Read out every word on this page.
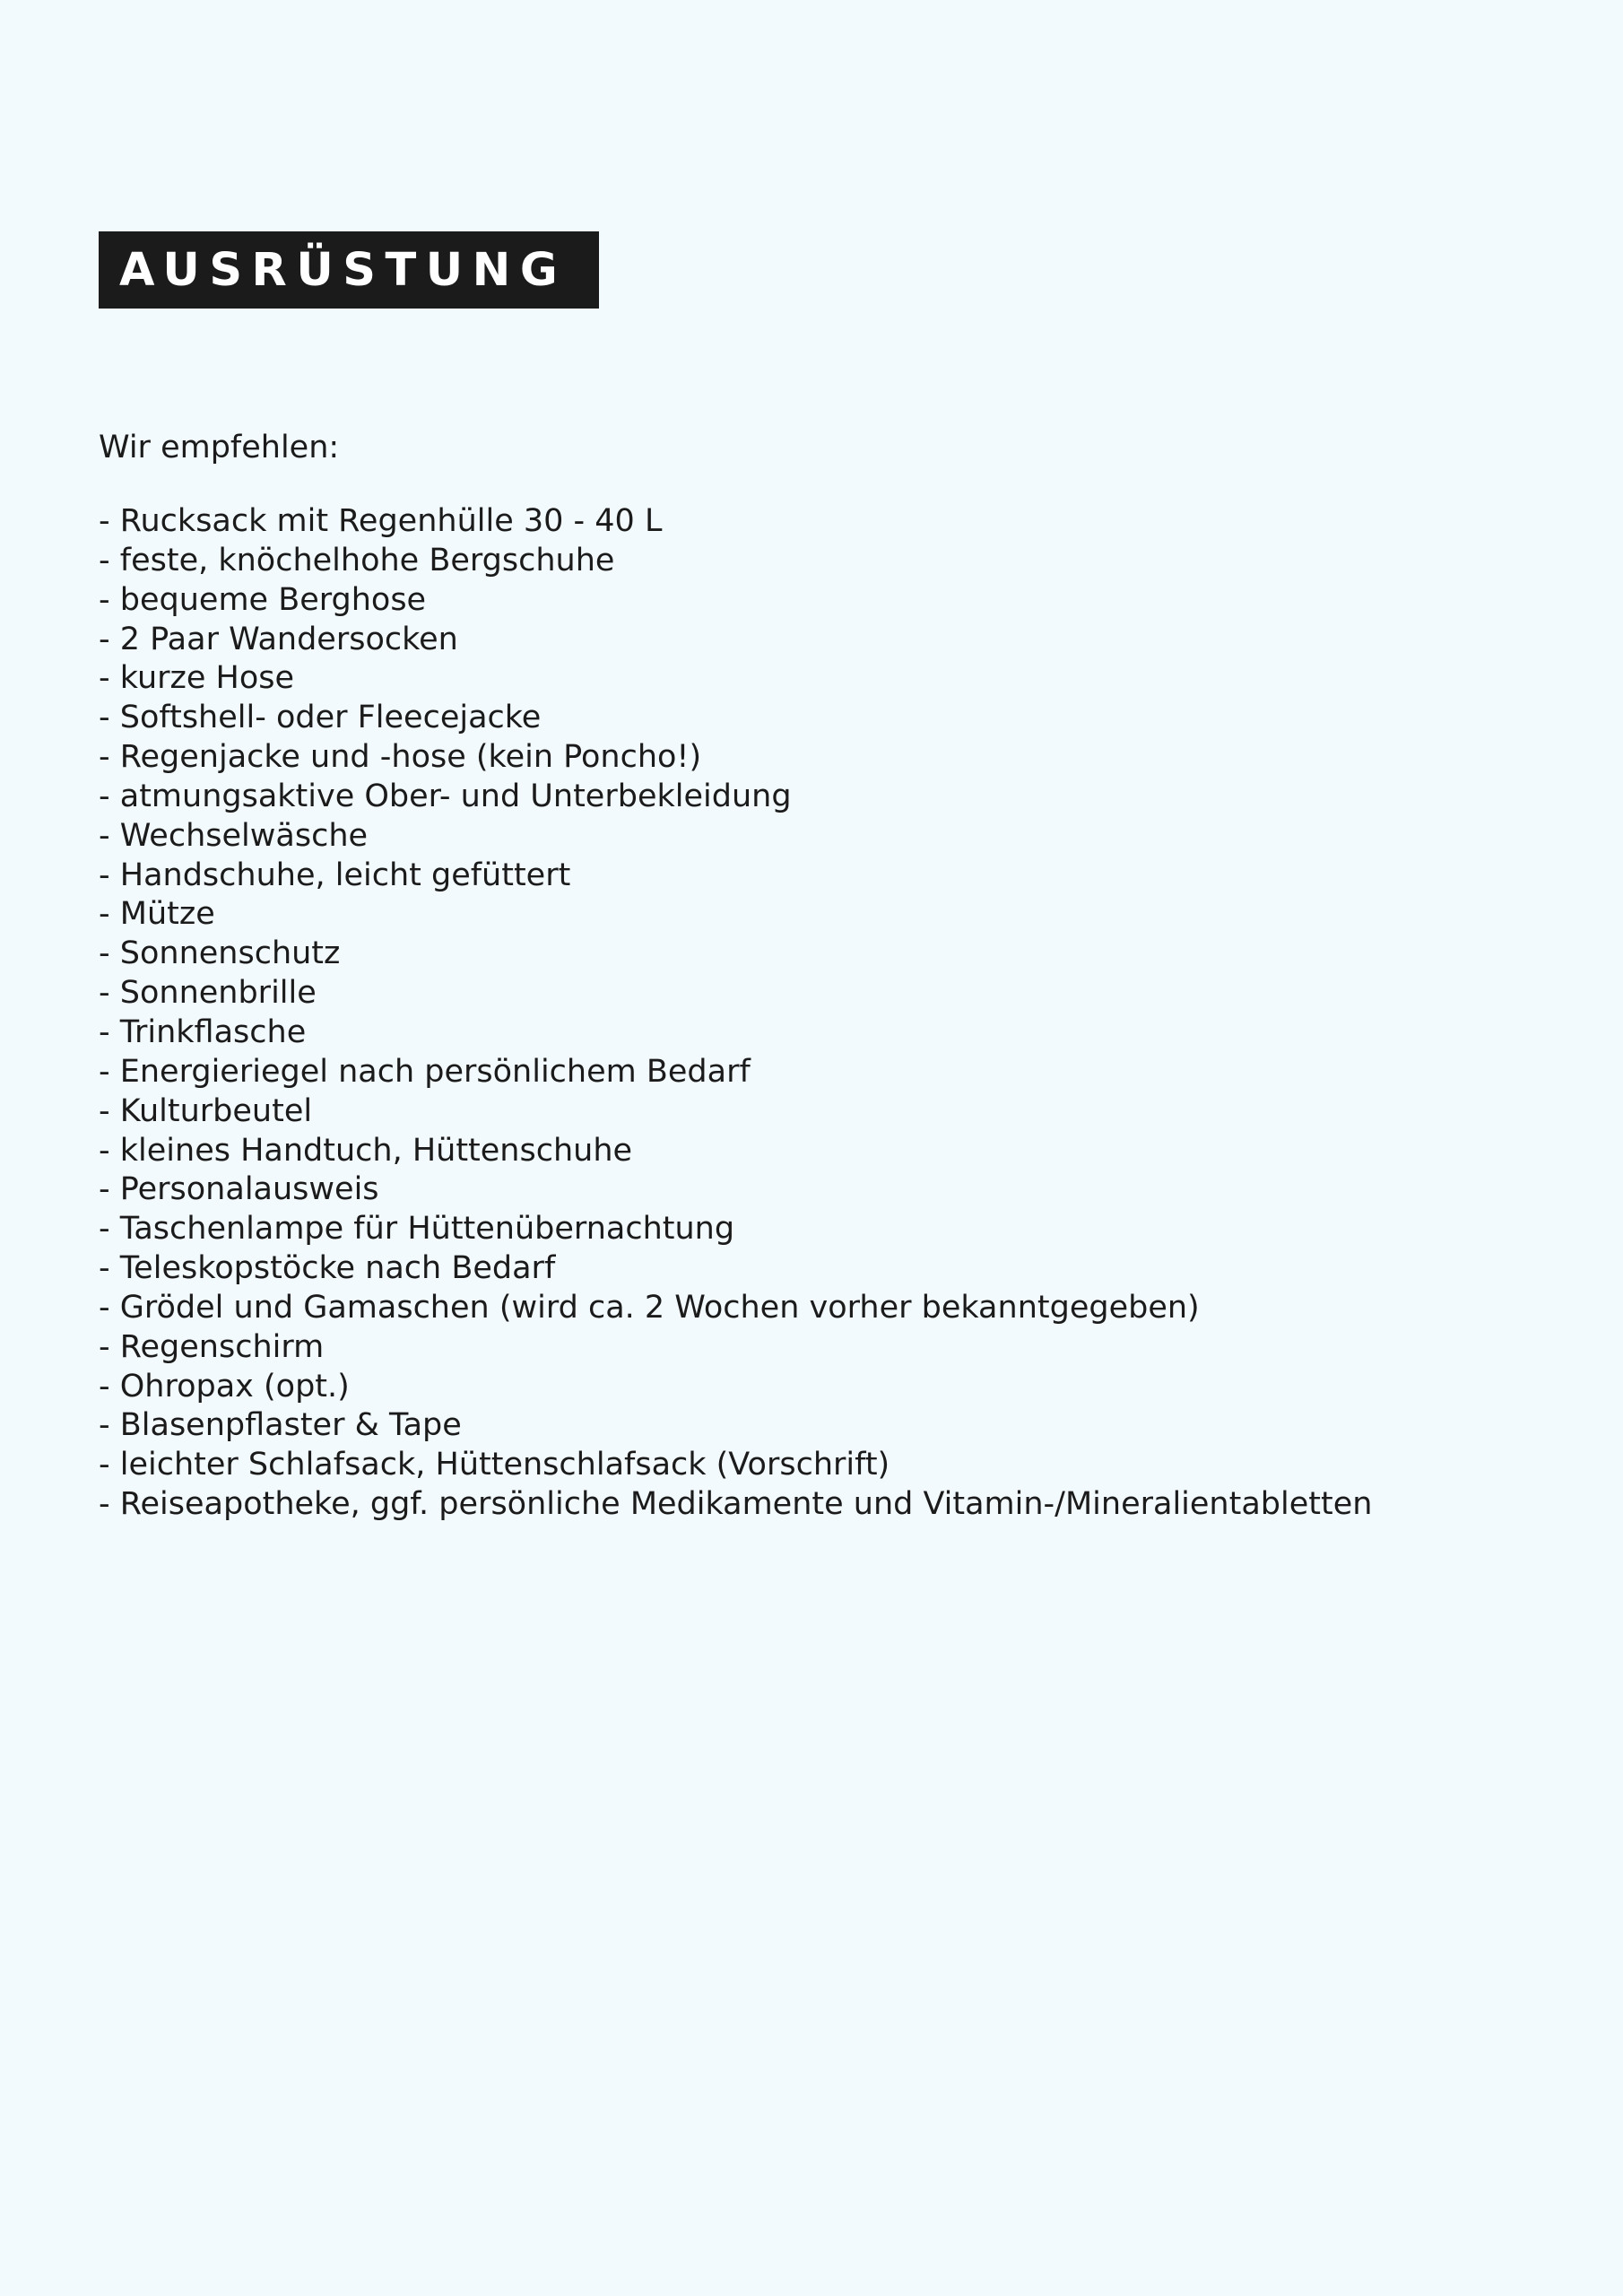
AUSRÜSTUNG
Wir empfehlen:
- Rucksack mit Regenhülle 30 - 40 L
- feste, knöchelhohe Bergschuhe
- bequeme Berghose
- 2 Paar Wandersocken
- kurze Hose
- Softshell- oder Fleecejacke
- Regenjacke und -hose (kein Poncho!)
- atmungsaktive Ober- und Unterbekleidung
- Wechselwäsche
- Handschuhe, leicht gefüttert
- Mütze
- Sonnenschutz
- Sonnenbrille
- Trinkflasche
- Energieriegel nach persönlichem Bedarf
- Kulturbeutel
- kleines Handtuch, Hüttenschuhe
- Personalausweis
- Taschenlampe für Hüttenübernachtung
- Teleskopstöcke nach Bedarf
- Grödel und Gamaschen (wird ca. 2 Wochen vorher bekanntgegeben)
- Regenschirm
- Ohropax (opt.)
- Blasenpflaster & Tape
- leichter Schlafsack, Hüttenschlafsack (Vorschrift)
- Reiseapotheke, ggf. persönliche Medikamente und Vitamin-/Mineralientabletten
